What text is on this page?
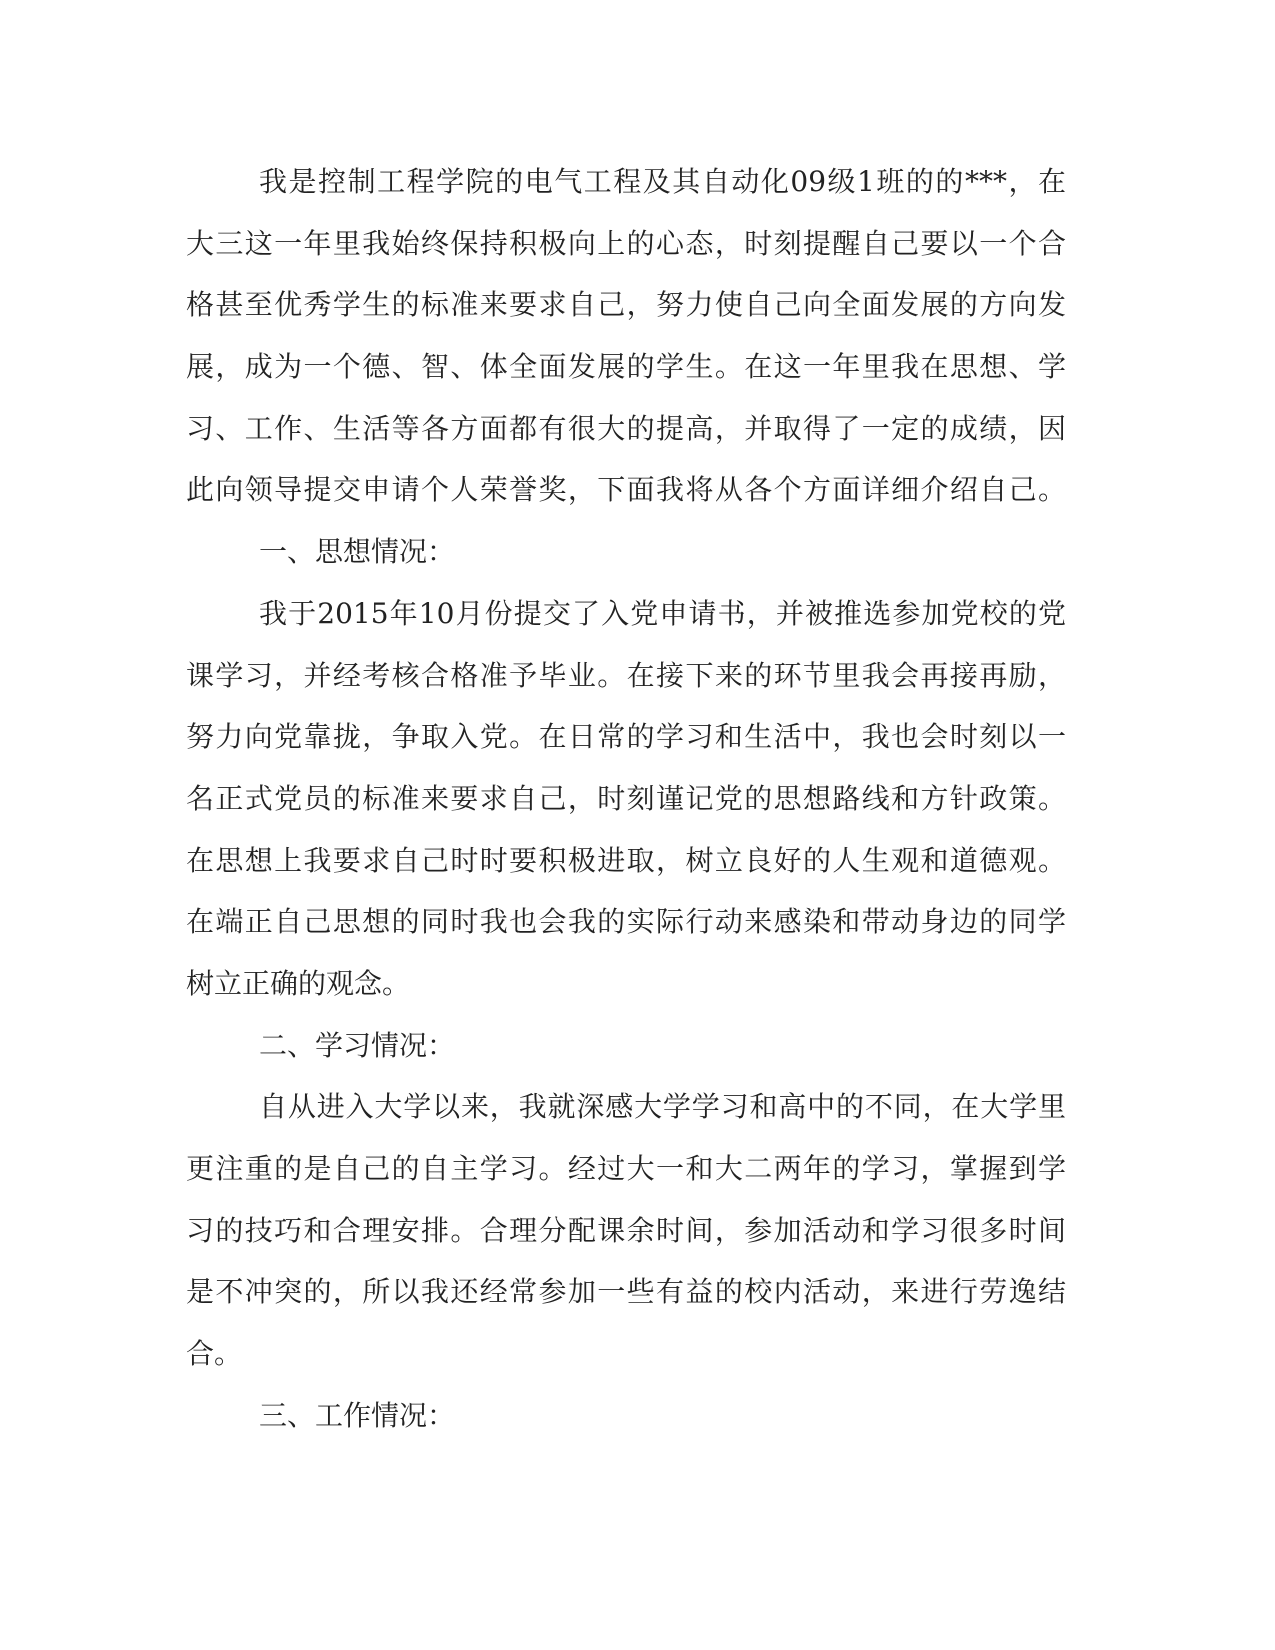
我是控制工程学院的电气工程及其自动化09级1班的的***，在
大三这一年里我始终保持积极向上的心态，时刻提醒自己要以一个合
格甚至优秀学生的标准来要求自己，努力使自己向全面发展的方向发
展，成为一个德、智、体全面发展的学生。在这一年里我在思想、学
习、工作、生活等各方面都有很大的提高，并取得了一定的成绩，因
此向领导提交申请个人荣誉奖，下面我将从各个方面详细介绍自己。
一、思想情况：
我于2015年10月份提交了入党申请书，并被推选参加党校的党
课学习，并经考核合格准予毕业。在接下来的环节里我会再接再励，
努力向党靠拢，争取入党。在日常的学习和生活中，我也会时刻以一
名正式党员的标准来要求自己，时刻谨记党的思想路线和方针政策。
在思想上我要求自己时时要积极进取，树立良好的人生观和道德观。
在端正自己思想的同时我也会我的实际行动来感染和带动身边的同学
树立正确的观念。
二、学习情况：
自从进入大学以来，我就深感大学学习和高中的不同，在大学里
更注重的是自己的自主学习。经过大一和大二两年的学习，掌握到学
习的技巧和合理安排。合理分配课余时间，参加活动和学习很多时间
是不冲突的，所以我还经常参加一些有益的校内活动，来进行劳逸结
合。
三、工作情况：
